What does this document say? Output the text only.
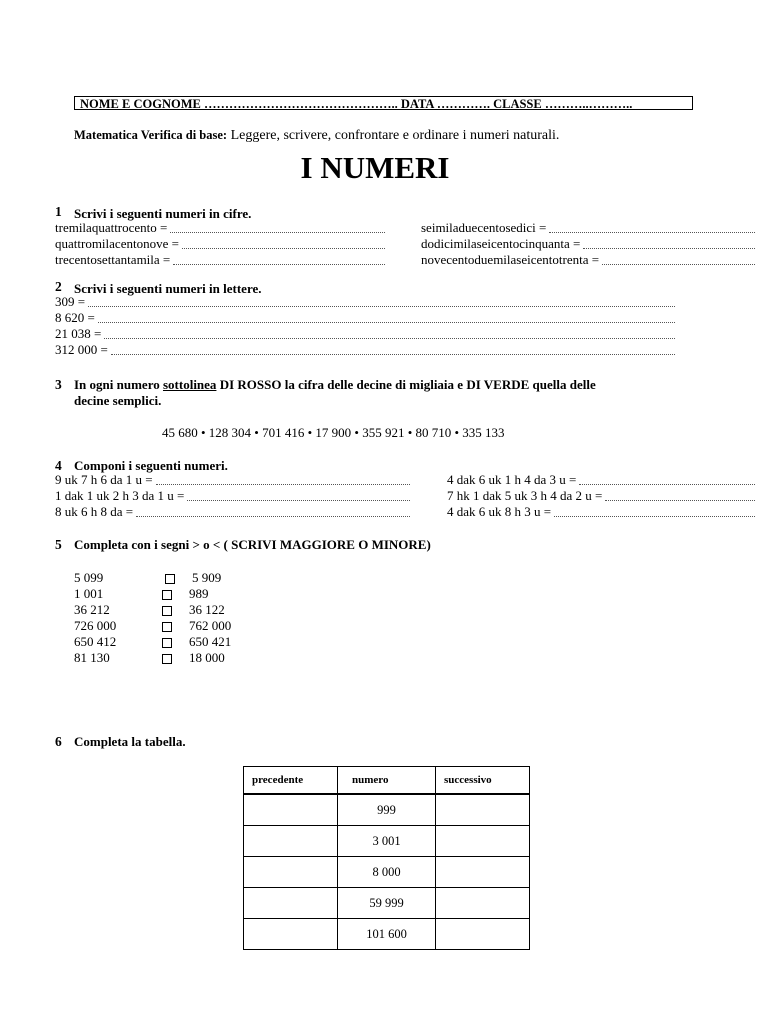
NOME E COGNOME ……………………………………….. DATA …………. CLASSE ………..………..
Matematica Verifica di base: Leggere, scrivere, confrontare e ordinare i numeri naturali.
I NUMERI
1 Scrivi i seguenti numeri in cifre.
tremilaquattrocento =
quattromilacentonove =
trecentosettantamila =
seimiladuecentosedici =
dodicimilaseicentocinquanta =
novecentoduemilaseicentotrenta =
2 Scrivi i seguenti numeri in lettere.
309 =
8 620 =
21 038 =
312 000 =
3 In ogni numero sottolinea DI ROSSO la cifra delle decine di migliaia e DI VERDE quella delle
decine semplici.
45 680 • 128 304 • 701 416 • 17 900 • 355 921 • 80 710 • 335 133
4 Componi i seguenti numeri.
9 uk 7 h 6 da 1 u =
1 dak 1 uk 2 h 3 da 1 u =
8 uk 6 h 8 da =
4 dak 6 uk 1 h 4 da 3 u =
7 hk 1 dak 5 uk 3 h 4 da 2 u =
4 dak 6 uk 8 h 3 u =
5 Completa con i segni > o < ( SCRIVI MAGGIORE O MINORE)
5 099	5 909
1 001	989
36 212	36 122
726 000	762 000
650 412	650 421
81 130	18 000
6 Completa la tabella.
precedente	numero	successivo
	999	
	3 001	
	8 000	
	59 999	
	101 600	
